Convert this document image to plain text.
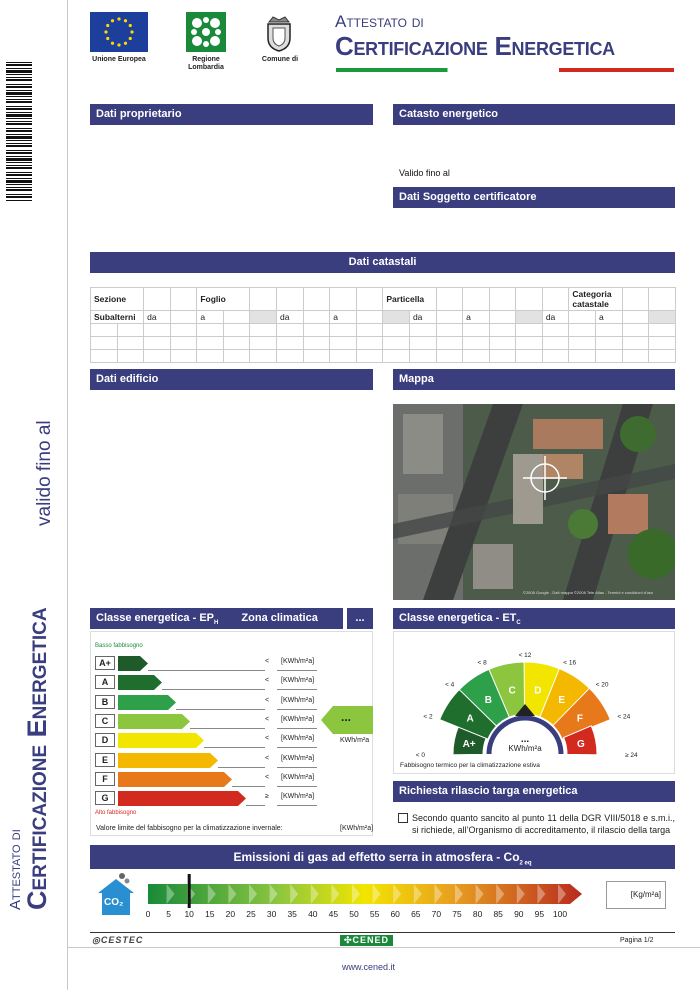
valido fino al
Attestato di
Certificazione Energetica
Unione Europea	Regione
Lombardia
Comune di
Attestato di
Certificazione Energetica
Dati proprietario	Catasto energetico
Valido fino al
Dati Soggetto certificatore
Dati catastali
Sezione				Foglio							Particella							Categoria catastale			
Subalterni		da		a			da		a			da		a			da		a		

Dati edificio	Mappa
©2008 Google - Dati mappa ©2008 Tele Atlas - Termini e condizioni d'uso
Classe energetica - $EP_H$ Zona climatica	...
Basso fabbisogno
A+	< [KWh/m²a]
A	< [KWh/m²a]
B	< [KWh/m²a]
C	< [KWh/m²a]
D	< [KWh/m²a]
E	< [KWh/m²a]
F	< [KWh/m²a]
G	≥ [KWh/m²a]
Alto fabbisogno
...
KWh/m²a
Valore limite del fabbisogno per la climatizzazione invernale:	[KWh/m²a]
Classe energetica - $ET_C$
A+
A
B
C D
E
F
G
< 0
< 2
< 4
< 8
< 12
< 16
< 20
< 24
≥ 24
...
KWh/m²a
Fabbisogno termico per la climatizzazione estiva
Richiesta rilascio targa energetica
Secondo quanto sancito al punto 11 della DGR VIII/5018 e s.m.i., si richiede, all’Organismo di accreditamento, il rilascio della targa
Emissioni di gas ad effetto serra in atmosfera - $Co_{2 eq}$
CO₂
0 5 10 15 20 25 30 35 40 45 50 55 60 65 70 75 80 85 90 95 100
[Kg/m²a]
◎CESTEC	✣CENED	Pagina 1/2
www.cened.it
